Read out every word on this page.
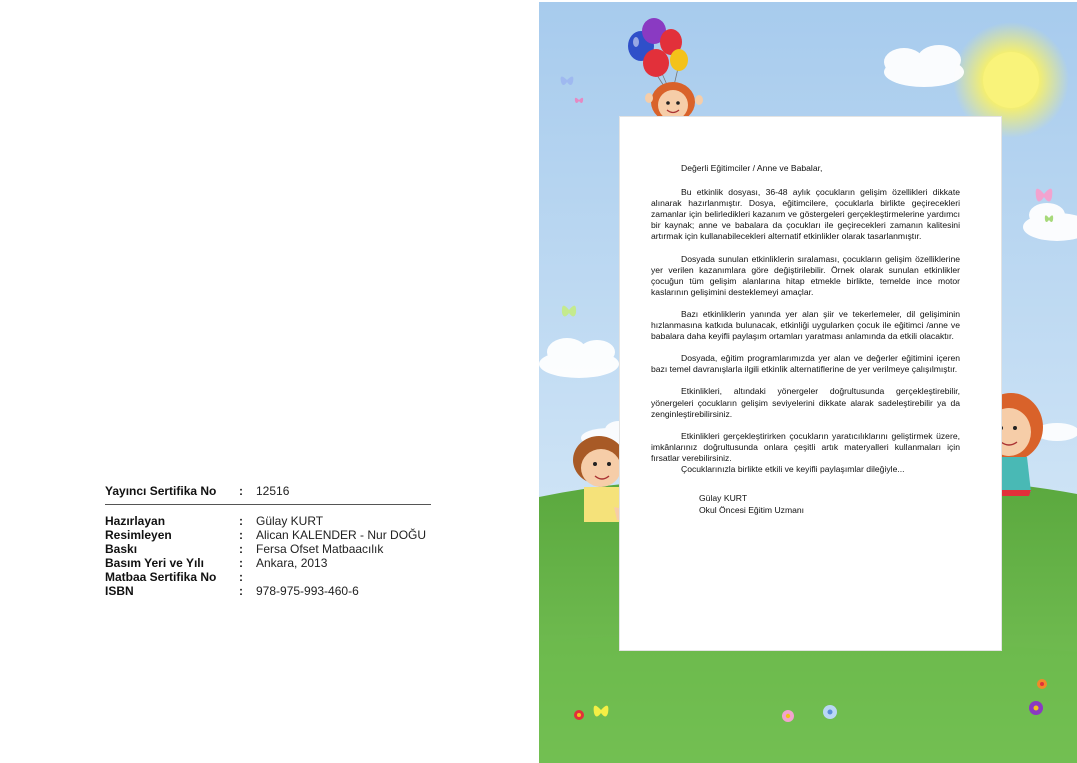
Yayıncı Sertifika No	:	12516
Hazırlayan	:	Gülay KURT
Resimleyen	:	Alican KALENDER - Nur DOĞU
Baskı	:	Fersa Ofset Matbaacılık
Basım Yeri ve Yılı	:	Ankara, 2013
Matbaa Sertifika No	:
ISBN	:	978-975-993-460-6

Değerli Eğitimciler / Anne ve Babalar,

Bu etkinlik dosyası, 36-48 aylık çocukların gelişim özellikleri dikkate alınarak hazırlanmıştır. Dosya, eğitimcilere, çocuklarla birlikte geçirecekleri zamanlar için belirledikleri kazanım ve göstergeleri gerçekleştirmelerine yardımcı bir kaynak; anne ve babalara da çocukları ile geçirecekleri zamanın kalitesini artırmak için kullanabilecekleri alternatif etkinlikler olarak tasarlanmıştır.

Dosyada sunulan etkinliklerin sıralaması, çocukların gelişim özelliklerine yer verilen kazanımlara göre değiştirilebilir. Örnek olarak sunulan etkinlikler çocuğun tüm gelişim alanlarına hitap etmekle birlikte, temelde ince motor kaslarının gelişimini desteklemeyi amaçlar.

Bazı etkinliklerin yanında yer alan şiir ve tekerlemeler, dil gelişiminin hızlanmasına katkıda bulunacak, etkinliği uygularken çocuk ile eğitimci /anne ve babalara daha keyifli paylaşım ortamları yaratması anlamında da etkili olacaktır.

Dosyada, eğitim programlarımızda yer alan ve değerler eğitimini içeren bazı temel davranışlarla ilgili etkinlik alternatiflerine de yer verilmeye çalışılmıştır.

Etkinlikleri, altındaki yönergeler doğrultusunda gerçekleştirebilir, yönergeleri çocukların gelişim seviyelerini dikkate alarak sadeleştirebilir ya da zenginleştirebilirsiniz.

Etkinlikleri gerçekleştirirken çocukların yaratıcılıklarını geliştirmek üzere, imkânlarınız doğrultusunda onlara çeşitli artık materyalleri kullanmaları için fırsatlar verebilirsiniz.

Çocuklarınızla birlikte etkili ve keyifli paylaşımlar dileğiyle...

Gülay KURT
Okul Öncesi Eğitim Uzmanı
